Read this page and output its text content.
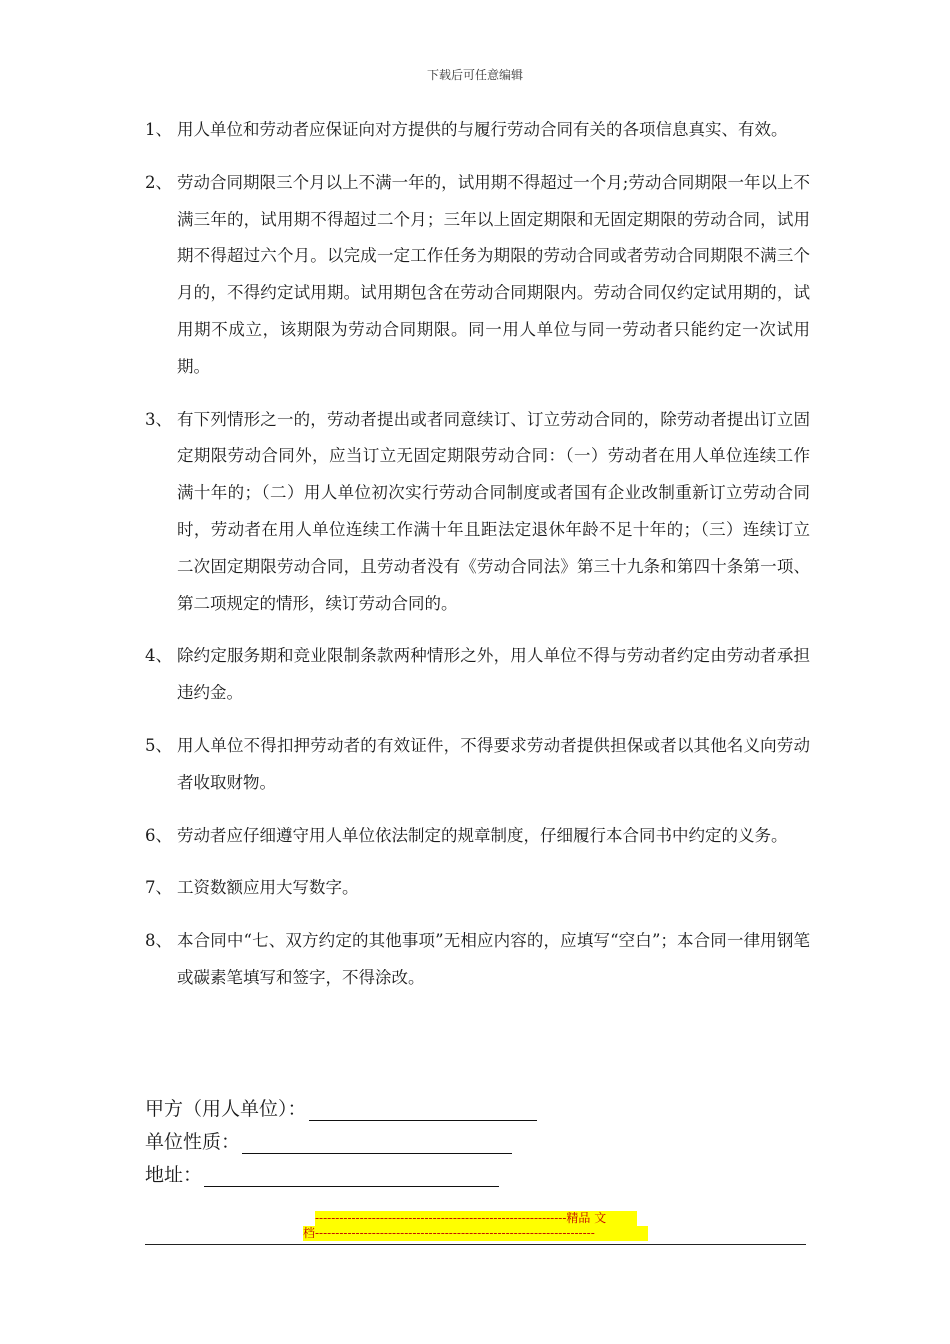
下载后可任意编辑
1、 用人单位和劳动者应保证向对方提供的与履行劳动合同有关的各项信息真实、有效。
2、 劳动合同期限三个月以上不满一年的，试用期不得超过一个月;劳动合同期限一年以上不满三年的，试用期不得超过二个月；三年以上固定期限和无固定期限的劳动合同，试用期不得超过六个月。以完成一定工作任务为期限的劳动合同或者劳动合同期限不满三个月的，不得约定试用期。试用期包含在劳动合同期限内。劳动合同仅约定试用期的，试用期不成立，该期限为劳动合同期限。同一用人单位与同一劳动者只能约定一次试用期。
3、 有下列情形之一的，劳动者提出或者同意续订、订立劳动合同的，除劳动者提出订立固定期限劳动合同外，应当订立无固定期限劳动合同：（一）劳动者在用人单位连续工作满十年的；（二）用人单位初次实行劳动合同制度或者国有企业改制重新订立劳动合同时，劳动者在用人单位连续工作满十年且距法定退休年龄不足十年的；（三）连续订立二次固定期限劳动合同，且劳动者没有《劳动合同法》第三十九条和第四十条第一项、第二项规定的情形，续订劳动合同的。
4、 除约定服务期和竞业限制条款两种情形之外，用人单位不得与劳动者约定由劳动者承担违约金。
5、 用人单位不得扣押劳动者的有效证件，不得要求劳动者提供担保或者以其他名义向劳动者收取财物。
6、 劳动者应仔细遵守用人单位依法制定的规章制度，仔细履行本合同书中约定的义务。
7、 工资数额应用大写数字。
8、 本合同中“七、双方约定的其他事项”无相应内容的，应填写“空白”；本合同一律用钢笔或碳素笔填写和签字，不得涂改。
甲方（用人单位）：
单位性质：
地址：
--------------------------------------------------------------精品 文
档---------------------------------------------------------------------
